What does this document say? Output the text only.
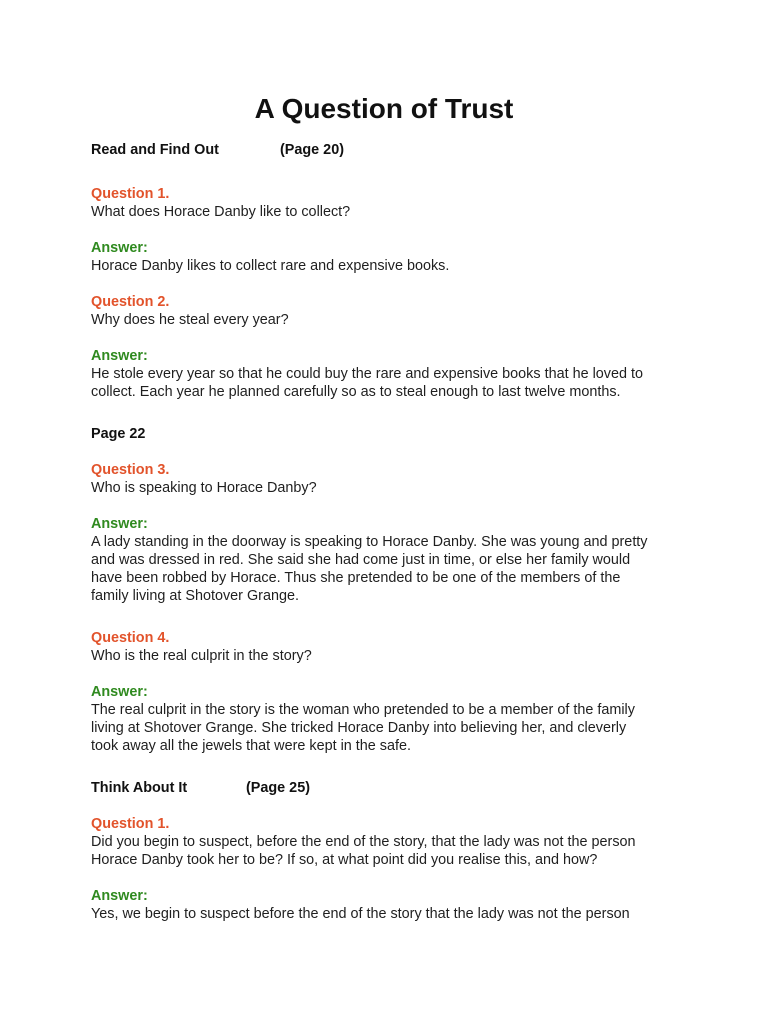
A Question of Trust
Read and Find Out	(Page 20)
Question 1.
What does Horace Danby like to collect?
Answer:
Horace Danby likes to collect rare and expensive books.
Question 2.
Why does he steal every year?
Answer:
He stole every year so that he could buy the rare and expensive books that he loved to
collect. Each year he planned carefully so as to steal enough to last twelve months.
Page 22
Question 3.
Who is speaking to Horace Danby?
Answer:
A lady standing in the doorway is speaking to Horace Danby. She was young and pretty
and was dressed in red. She said she had come just in time, or else her family would
have been robbed by Horace. Thus she pretended to be one of the members of the
family living at Shotover Grange.
Question 4.
Who is the real culprit in the story?
Answer:
The real culprit in the story is the woman who pretended to be a member of the family
living at Shotover Grange. She tricked Horace Danby into believing her, and cleverly
took away all the jewels that were kept in the safe.
Think About It	(Page 25)
Question 1.
Did you begin to suspect, before the end of the story, that the lady was not the person
Horace Danby took her to be? If so, at what point did you realise this, and how?
Answer:
Yes, we begin to suspect before the end of the story that the lady was not the person
